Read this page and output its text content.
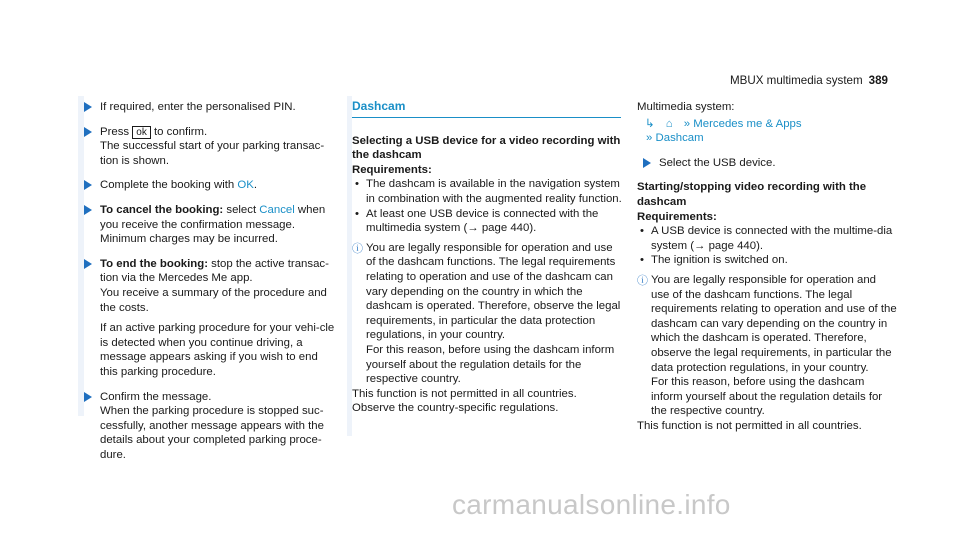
MBUX multimedia system 389
If required, enter the personalised PIN.
Press ok to confirm.
The successful start of your parking transac-tion is shown.
Complete the booking with OK.
To cancel the booking: select Cancel when you receive the confirmation message. Minimum charges may be incurred.
To end the booking: stop the active transac-tion via the Mercedes Me app.
You receive a summary of the procedure and the costs.

If an active parking procedure for your vehi-cle is detected when you continue driving, a message appears asking if you wish to end this parking procedure.

Confirm the message.
When the parking procedure is stopped suc-cessfully, another message appears with the details about your completed parking proce-dure.
Dashcam

Selecting a USB device for a video recording with the dashcam

Requirements:

• The dashcam is available in the navigation system in combination with the augmented reality function.
• At least one USB device is connected with the multimedia system (→ page 440).
ⓘ You are legally responsible for operation and use of the dashcam functions. The legal requirements relating to operation and use of the dashcam can vary depending on the country in which the dashcam is operated. Therefore, observe the legal requirements, in particular the data protection regulations, in your country.

For this reason, before using the dashcam inform yourself about the regulation details for the respective country.

This function is not permitted in all countries.

Observe the country-specific regulations.

Multimedia system:

↳ ⌂ » Mercedes me & Apps

» Dashcam

Select the USB device.

Starting/stopping video recording with the dashcam

Requirements:

• A USB device is connected with the multime-dia system (→ page 440).
• The ignition is switched on.
ⓘ You are legally responsible for operation and use of the dashcam functions. The legal requirements relating to operation and use of the dashcam can vary depending on the country in which the dashcam is operated. Therefore, observe the legal requirements, in particular the data protection regulations, in your country.

For this reason, before using the dashcam inform yourself about the regulation details for the respective country.

This function is not permitted in all countries.

carmanualsonline.info
